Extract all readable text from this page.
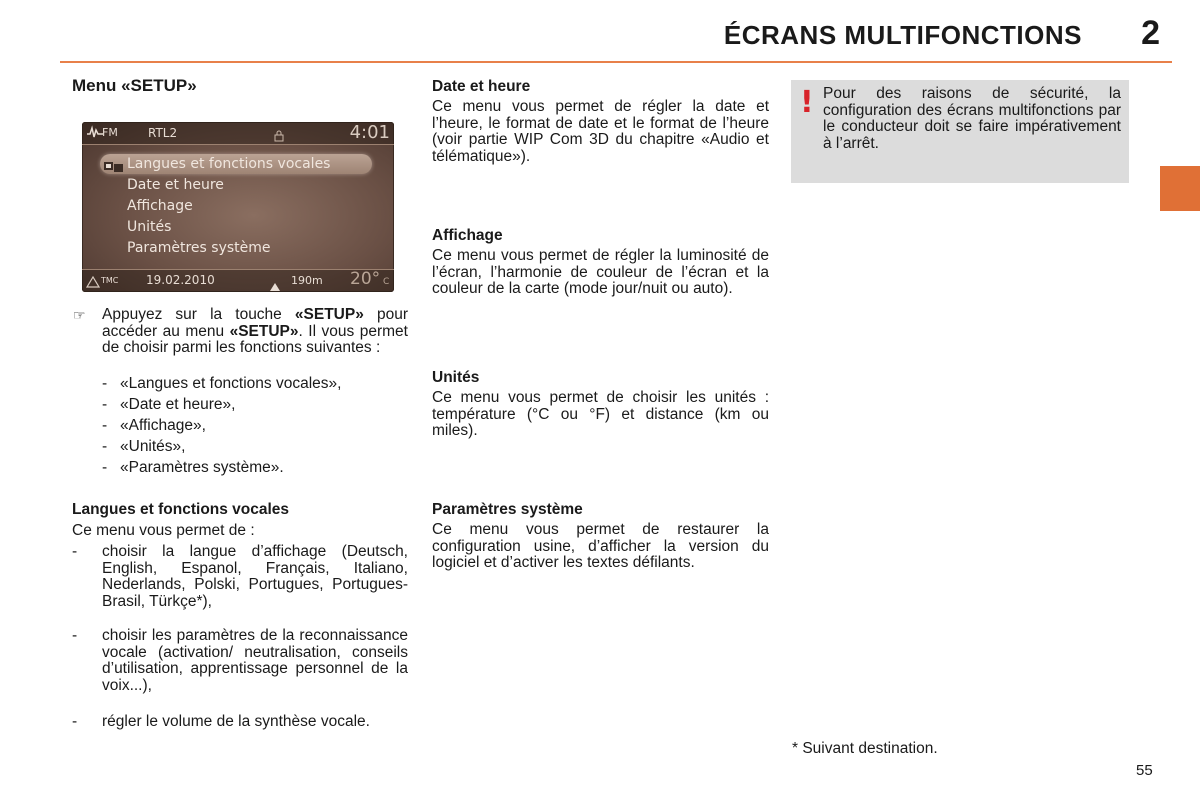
ÉCRANS MULTIFONCTIONS 2
Menu «SETUP»
FM	RTL2	4:01
Langues et fonctions vocales
Date et heure
Affichage
Unités
Paramètres système
TMC 19.02.2010	190m 20° C
☞ Appuyez sur la touche «SETUP» pour accéder au menu «SETUP». Il vous permet de choisir parmi les fonctions suivantes :
- «Langues et fonctions vocales»,
- «Date et heure»,
- «Affichage»,
- «Unités»,
- «Paramètres système».
Langues et fonctions vocales
Ce menu vous permet de :
- choisir la langue d’affichage (Deutsch, English, Espanol, Français, Italiano, Nederlands, Polski, Portugues, Portugues-Brasil, Türkçe*),
- choisir les paramètres de la reconnaissance vocale (activation/ neutralisation, conseils d’utilisation, apprentissage personnel de la voix...),
- régler le volume de la synthèse vocale.
Date et heure
Ce menu vous permet de régler la date et l’heure, le format de date et le format de l’heure (voir partie WIP Com 3D du chapitre «Audio et télématique»).
Affichage
Ce menu vous permet de régler la luminosité de l’écran, l’harmonie de couleur de l’écran et la couleur de la carte (mode jour/nuit ou auto).
Unités
Ce menu vous permet de choisir les unités : température (°C ou °F) et distance (km ou miles).
Paramètres système
Ce menu vous permet de restaurer la configuration usine, d’afficher la version du logiciel et d’activer les textes défilants.
! Pour des raisons de sécurité, la configuration des écrans multifonctions par le conducteur doit se faire impérativement à l’arrêt.
* Suivant destination.
55
